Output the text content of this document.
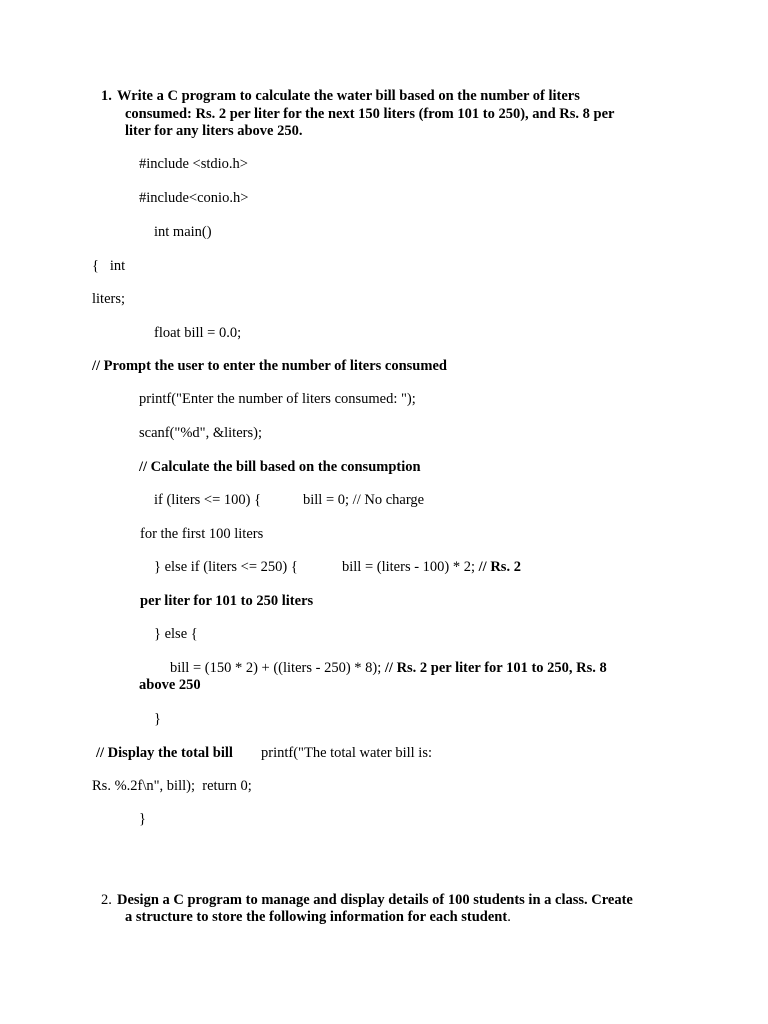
1. Write a C program to calculate the water bill based on the number of liters
consumed: Rs. 2 per liter for the next 150 liters (from 101 to 250), and Rs. 8 per
liter for any liters above 250.
#include <stdio.h>
#include<conio.h>
int main()
{   int
liters;
float bill = 0.0;
// Prompt the user to enter the number of liters consumed
printf("Enter the number of liters consumed: ");
scanf("%d", &liters);
// Calculate the bill based on the consumption
if (liters <= 100) {	bill = 0; // No charge
for the first 100 liters
} else if (liters <= 250) {	bill = (liters - 100) * 2; // Rs. 2
per liter for 101 to 250 liters
} else {
bill = (150 * 2) + ((liters - 250) * 8); // Rs. 2 per liter for 101 to 250, Rs. 8
above 250
}
// Display the total bill printf("The total water bill is:
Rs. %.2f\n", bill);  return 0;
}
2. Design a C program to manage and display details of 100 students in a class. Create
a structure to store the following information for each student.
